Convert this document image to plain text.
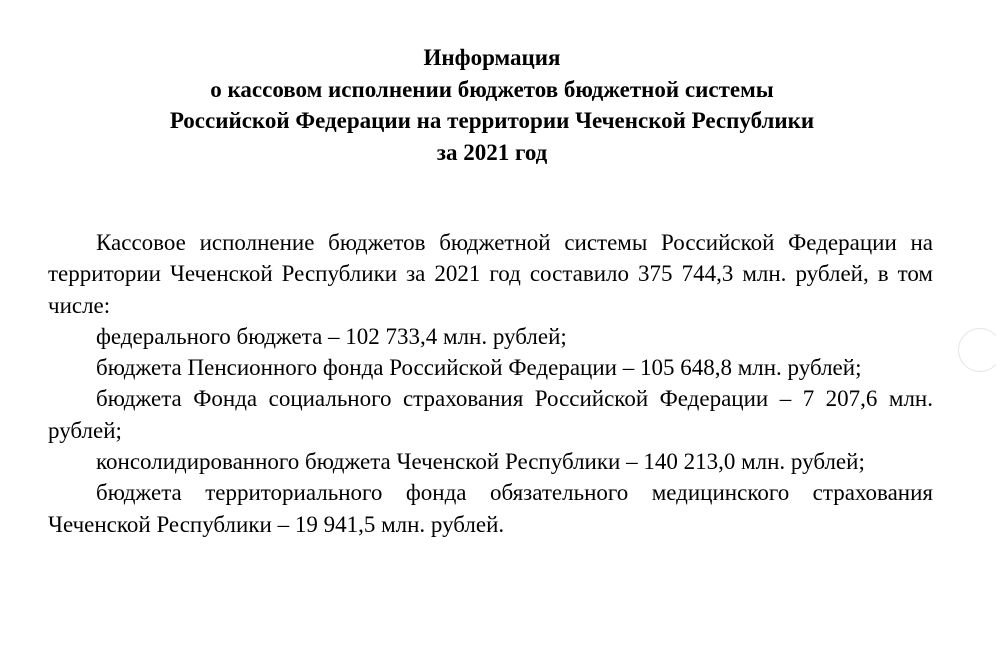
Информация
о кассовом исполнении бюджетов бюджетной системы
Российской Федерации на территории Чеченской Республики
за 2021 год

Кассовое исполнение бюджетов бюджетной системы Российской Федерации на территории Чеченской Республики за 2021 год составило 375 744,3 млн. рублей, в том числе:

федерального бюджета – 102 733,4 млн. рублей;

бюджета Пенсионного фонда Российской Федерации – 105 648,8 млн. рублей;

бюджета Фонда социального страхования Российской Федерации – 7 207,6 млн. рублей;

консолидированного бюджета Чеченской Республики – 140 213,0 млн. рублей;

бюджета территориального фонда обязательного медицинского страхования Чеченской Республики – 19 941,5 млн. рублей.
